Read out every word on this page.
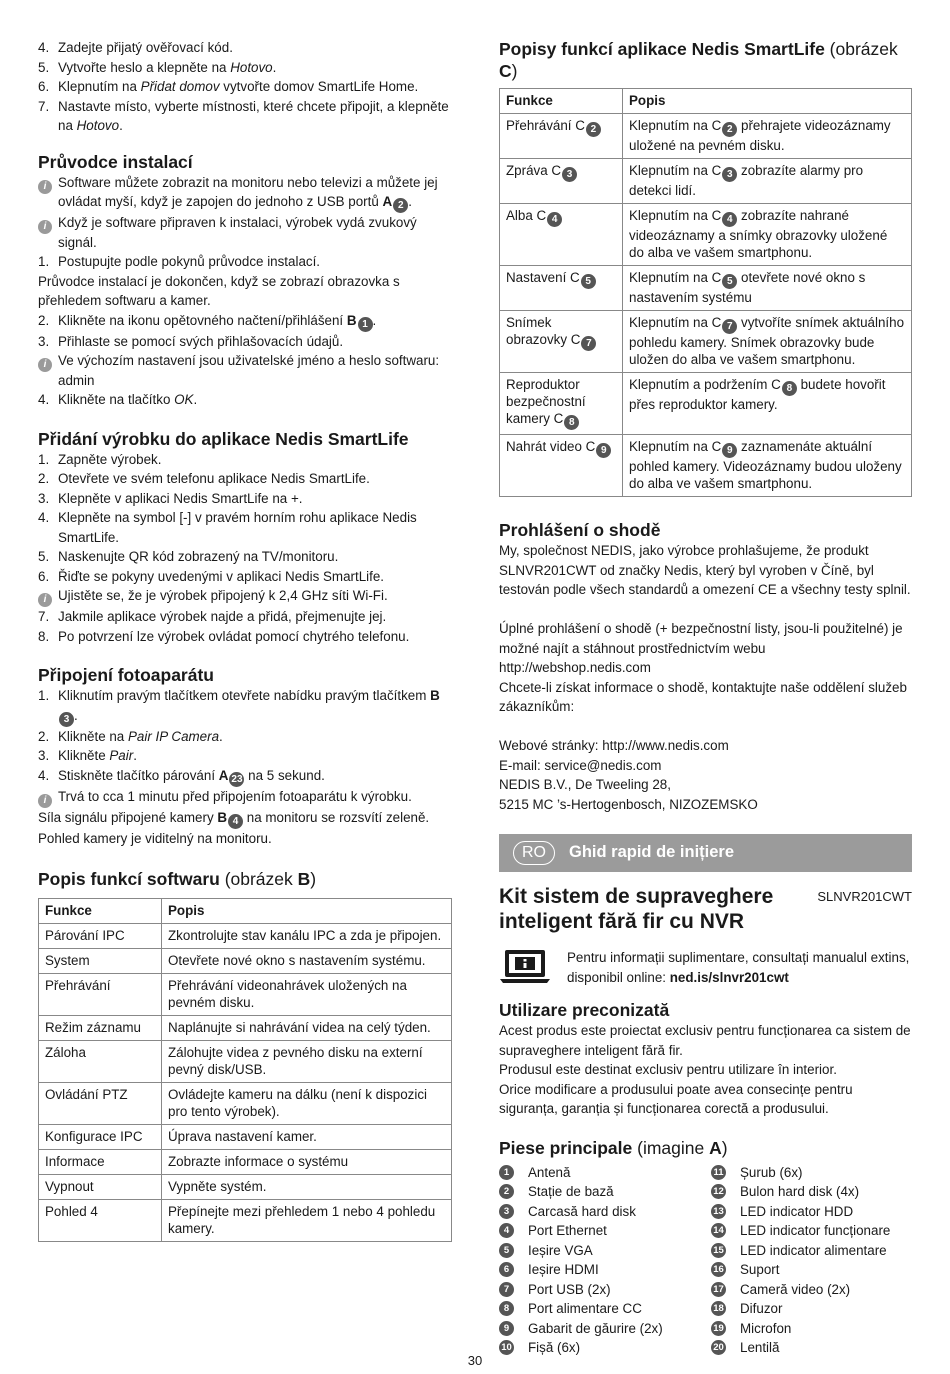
4. Zadejte přijatý ověřovací kód.
5. Vytvořte heslo a klepněte na Hotovo.
6. Klepnutím na Přidat domov vytvořte domov SmartLife Home.
7. Nastavte místo, vyberte místnosti, které chcete připojit, a klepněte na Hotovo.
Průvodce instalací
i Software můžete zobrazit na monitoru nebo televizi a můžete jej ovládat myší, když je zapojen do jednoho z USB portů A 2 .
i Když je software připraven k instalaci, výrobek vydá zvukový signál.
1. Postupujte podle pokynů průvodce instalací.
Průvodce instalací je dokončen, když se zobrazí obrazovka s přehledem softwaru a kamer.
2. Klikněte na ikonu opětovného načtení/přihlášení B 1 .
3. Přihlaste se pomocí svých přihlašovacích údajů.
i Ve výchozím nastavení jsou uživatelské jméno a heslo softwaru: admin
4. Klikněte na tlačítko OK.
Přidání výrobku do aplikace Nedis SmartLife
1. Zapněte výrobek.
2. Otevřete ve svém telefonu aplikace Nedis SmartLife.
3. Klepněte v aplikaci Nedis SmartLife na +.
4. Klepněte na symbol [-] v pravém horním rohu aplikace Nedis SmartLife.
5. Naskenujte QR kód zobrazený na TV/monitoru.
6. Řiďte se pokyny uvedenými v aplikaci Nedis SmartLife.
i Ujistěte se, že je výrobek připojený k 2,4 GHz síti Wi-Fi.
7. Jakmile aplikace výrobek najde a přidá, přejmenujte jej.
8. Po potvrzení lze výrobek ovládat pomocí chytrého telefonu.
Připojení fotoaparátu
1. Kliknutím pravým tlačítkem otevřete nabídku pravým tlačítkem B3 .
2. Klikněte na Pair IP Camera.
3. Klikněte Pair.
4. Stiskněte tlačítko párování A 23 na 5 sekund.
i Trvá to cca 1 minutu před připojením fotoaparátu k výrobku.
Síla signálu připojené kamery B 4 na monitoru se rozsvítí zeleně.
Pohled kamery je viditelný na monitoru.
Popis funkcí softwaru (obrázek B)
Funkce	Popis
Párování IPC	Zkontrolujte stav kanálu IPC a zda je připojen.
System	Otevřete nové okno s nastavením systému.
Přehrávání	Přehrávání videonahrávek uložených na pevném disku.
Režim záznamu	Naplánujte si nahrávání videa na celý týden.
Záloha	Zálohujte videa z pevného disku na externí pevný disk/USB.
Ovládání PTZ	Ovládejte kameru na dálku (není k dispozici pro tento výrobek).
Konfigurace IPC	Úprava nastavení kamer.
Informace	Zobrazte informace o systému
Vypnout	Vypněte systém.
Pohled 4	Přepínejte mezi přehledem 1 nebo 4 pohledu kamery.
Popisy funkcí aplikace Nedis SmartLife (obrázek C)
Funkce	Popis
Přehrávání C 2	Klepnutím na C 2 přehrajete videozáznamy uložené na pevném disku.
Zpráva C 3	Klepnutím na C 3 zobrazíte alarmy pro detekci lidí.
Alba C 4	Klepnutím na C 4 zobrazíte nahrané videozáznamy a snímky obrazovky uložené do alba ve vašem smartphonu.
Nastavení C 5	Klepnutím na C 5 otevřete nové okno s nastavením systému
Snímek obrazovky C 7	Klepnutím na C 7 vytvoříte snímek aktuálního pohledu kamery. Snímek obrazovky bude uložen do alba ve vašem smartphonu.
Reproduktor bezpečnostní kamery C 8	Klepnutím a podržením C 8 budete hovořit přes reproduktor kamery.
Nahrát video C 9	Klepnutím na C 9 zaznamenáte aktuální pohled kamery. Videozáznamy budou uloženy do alba ve vašem smartphonu.
Prohlášení o shodě
My, společnost NEDIS, jako výrobce prohlašujeme, že produkt SLNVR201CWT od značky Nedis, který byl vyroben v Číně, byl testován podle všech standardů a omezení CE a všechny testy splnil.
Úplné prohlášení o shodě (+ bezpečnostní listy, jsou-li použitelné) je možné najít a stáhnout prostřednictvím webu http://webshop.nedis.com
Chcete-li získat informace o shodě, kontaktujte naše oddělení služeb zákazníkům:
Webové stránky: http://www.nedis.com
E-mail: service@nedis.com
NEDIS B.V., De Tweeling 28,
5215 MC ’s-Hertogenbosch, NIZOZEMSKO
RO	Ghid rapid de inițiere
Kit sistem de supraveghere inteligent fără fir cu NVR
SLNVR201CWT
Pentru informații suplimentare, consultați manualul extins, disponibil online: ned.is/slnvr201cwt
Utilizare preconizată
Acest produs este proiectat exclusiv pentru funcționarea ca sistem de supraveghere inteligent fără fir.
Produsul este destinat exclusiv pentru utilizare în interior.
Orice modificare a produsului poate avea consecințe pentru siguranța, garanția și funcționarea corectă a produsului.
Piese principale (imagine A)
1	Antenă	11 Șurub (6x)
2	Stație de bază	12 Bulon hard disk (4x)
3	Carcasă hard disk	13 LED indicator HDD
4	Port Ethernet	14 LED indicator funcționare
5	Ieșire VGA	15 LED indicator alimentare
6	Ieșire HDMI	16 Suport
7	Port USB (2x)	17 Cameră video (2x)
8	Port alimentare CC	18 Difuzor
9	Gabarit de găurire (2x)	19 Microfon
10 Fișă (6x)	20 Lentilă
30
